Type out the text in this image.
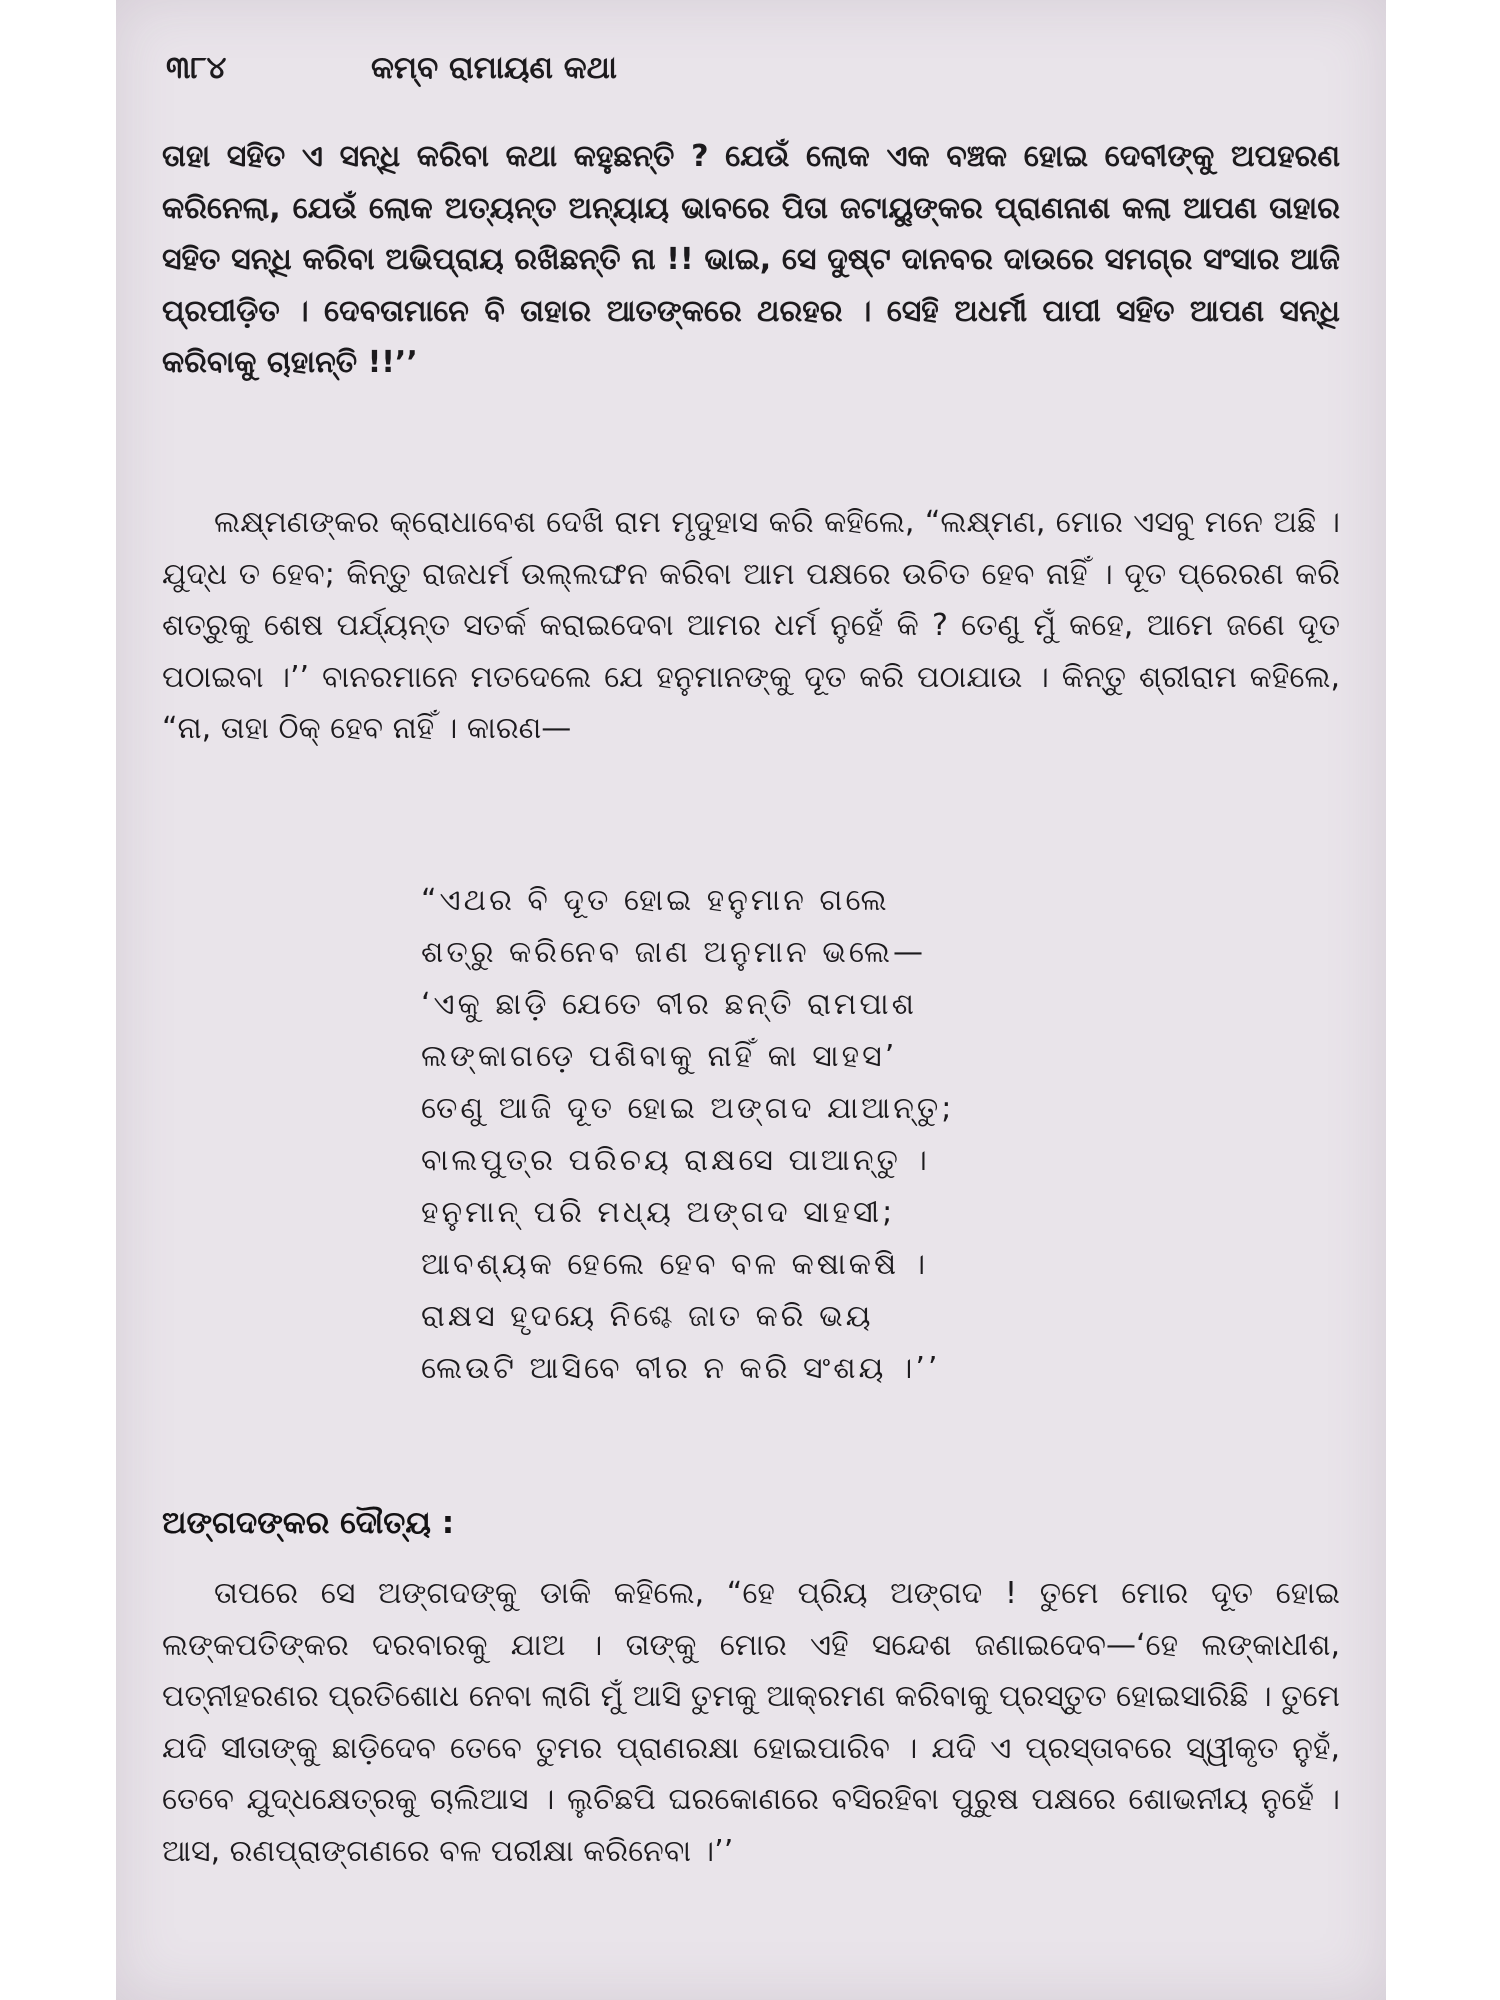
୩୮୪	କମ୍ବ ରାମାୟଣ କଥା

ତାହା ସହିତ ଏ ସନ୍ଧି କରିବା କଥା କହୁଛନ୍ତି ? ଯେଉଁ ଲୋକ ଏକ ବଞ୍ଚକ ହୋଇ ଦେବୀଙ୍କୁ ଅପହରଣ କରିନେଲା, ଯେଉଁ ଲୋକ ଅତ୍ୟନ୍ତ ଅନ୍ୟାୟ ଭାବରେ ପିତା ଜଟାୟୁଙ୍କର ପ୍ରାଣନାଶ କଲା ଆପଣ ତାହାର ସହିତ ସନ୍ଧି କରିବା ଅଭିପ୍ରାୟ ରଖିଛନ୍ତି ନା !! ଭାଇ, ସେ ଦୁଷ୍ଟ ଦାନବର ଦାଉରେ ସମଗ୍ର ସଂସାର ଆଜି ପ୍ରପୀଡ଼ିତ । ଦେବତାମାନେ ବି ତାହାର ଆତଙ୍କରେ ଥରହର । ସେହି ଅଧର୍ମୀ ପାପୀ ସହିତ ଆପଣ ସନ୍ଧି କରିବାକୁ ଚାହାନ୍ତି !!’’

ଲକ୍ଷ୍ମଣଙ୍କର କ୍ରୋଧାବେଶ ଦେଖି ରାମ ମୃଦୁହାସ କରି କହିଲେ, “ଲକ୍ଷ୍ମଣ, ମୋର ଏସବୁ ମନେ ଅଛି । ଯୁଦ୍ଧ ତ ହେବ; କିନ୍ତୁ ରାଜଧର୍ମ ଉଲ୍ଲଙ୍ଘନ କରିବା ଆମ ପକ୍ଷରେ ଉଚିତ ହେବ ନାହିଁ । ଦୂତ ପ୍ରେରଣ କରି ଶତ୍ରୁକୁ ଶେଷ ପର୍ଯ୍ୟନ୍ତ ସତର୍କ କରାଇଦେବା ଆମର ଧର୍ମ ନୁହେଁ କି ? ତେଣୁ ମୁଁ କହେ, ଆମେ ଜଣେ ଦୂତ ପଠାଇବା ।’’ ବାନରମାନେ ମତଦେଲେ ଯେ ହନୁମାନଙ୍କୁ ଦୂତ କରି ପଠାଯାଉ । କିନ୍ତୁ ଶ୍ରୀରାମ କହିଲେ, “ନା, ତାହା ଠିକ୍ ହେବ ନାହିଁ । କାରଣ—

“ଏଥର ବି ଦୂତ ହୋଇ ହନୁମାନ ଗଲେ
ଶତ୍ରୁ କରିନେବ ଜାଣ ଅନୁମାନ ଭଲେ—
‘ଏକୁ ଛାଡ଼ି ଯେତେ ବୀର ଛନ୍ତି ରାମପାଶ
ଲଙ୍କାଗଡ଼େ ପଶିବାକୁ ନାହିଁ କା ସାହସ’
ତେଣୁ ଆଜି ଦୂତ ହୋଇ ଅଙ୍ଗଦ ଯାଆନ୍ତୁ;
ବାଲପୁତ୍ର ପରିଚୟ ରାକ୍ଷସେ ପାଆନ୍ତୁ ।
ହନୁମାନ୍ ପରି ମଧ୍ୟ ଅଙ୍ଗଦ ସାହସୀ;
ଆବଶ୍ୟକ ହେଲେ ହେବ ବଳ କଷାକଷି ।
ରାକ୍ଷସ ହୃଦୟେ ନିଶ୍ଚେ ଜାତ କରି ଭୟ
ଲେଉଟି ଆସିବେ ବୀର ନ କରି ସଂଶୟ ।’’
ଅଙ୍ଗଦଙ୍କର ଦୌତ୍ୟ :

ତାପରେ ସେ ଅଙ୍ଗଦଙ୍କୁ ଡାକି କହିଲେ, “ହେ ପ୍ରିୟ ଅଙ୍ଗଦ ! ତୁମେ ମୋର ଦୂତ ହୋଇ ଲଙ୍କପତିଙ୍କର ଦରବାରକୁ ଯାଅ । ତାଙ୍କୁ ମୋର ଏହି ସନ୍ଦେଶ ଜଣାଇଦେବ—‘ହେ ଲଙ୍କାଧୀଶ, ପତ୍ନୀହରଣର ପ୍ରତିଶୋଧ ନେବା ଲାଗି ମୁଁ ଆସି ତୁମକୁ ଆକ୍ରମଣ କରିବାକୁ ପ୍ରସ୍ତୁତ ହୋଇସାରିଛି । ତୁମେ ଯଦି ସୀତାଙ୍କୁ ଛାଡ଼ିଦେବ ତେବେ ତୁମର ପ୍ରାଣରକ୍ଷା ହୋଇପାରିବ । ଯଦି ଏ ପ୍ରସ୍ତାବରେ ସ୍ୱୀକୃତ ନୁହଁ, ତେବେ ଯୁଦ୍ଧକ୍ଷେତ୍ରକୁ ଚାଲିଆସ । ଲୁଚିଛପି ଘରକୋଣରେ ବସିରହିବା ପୁରୁଷ ପକ୍ଷରେ ଶୋଭନୀୟ ନୁହେଁ । ଆସ, ରଣପ୍ରାଙ୍ଗଣରେ ବଳ ପରୀକ୍ଷା କରିନେବା ।’’
